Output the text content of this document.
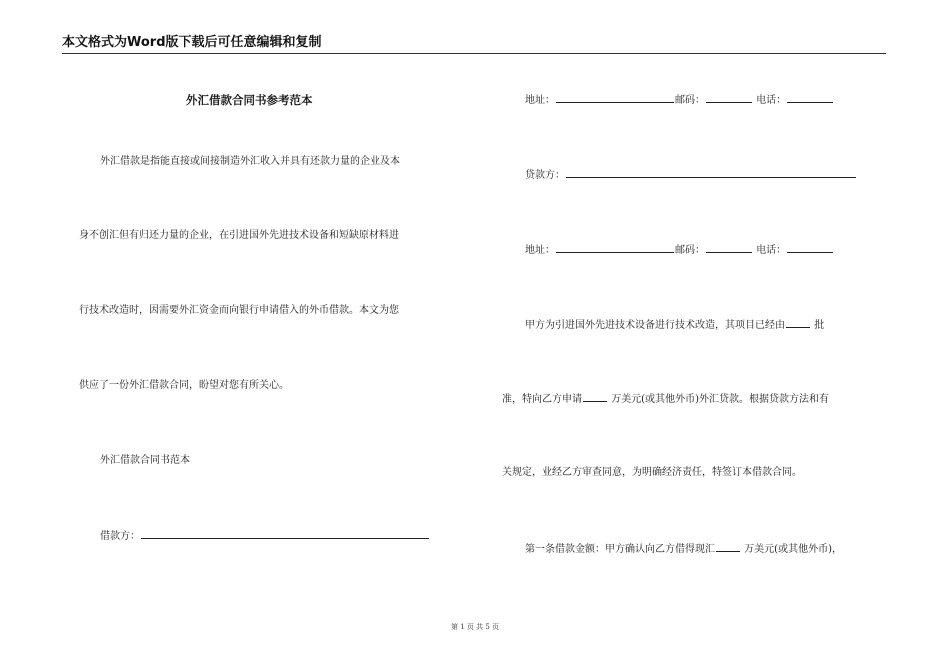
本文格式为Word版下载后可任意编辑和复制
外汇借款合同书参考范本
外汇借款是指能直接或间接制造外汇收入并具有还款力量的企业及本
身不创汇但有归还力量的企业，在引进国外先进技术设备和短缺原材料进
行技术改造时，因需要外汇资金而向银行申请借入的外币借款。本文为您
供应了一份外汇借款合同，盼望对您有所关心。
外汇借款合同书范本
借款方：
地址：	邮码：	电话：
贷款方：
地址：	邮码：	电话：
甲方为引进国外先进技术设备进行技术改造，其项目已经由	批
准，特向乙方申请	万美元(或其他外币)外汇贷款。根据贷款方法和有
关规定，业经乙方审查同意，为明确经济责任，特签订本借款合同。
第一条借款金额：甲方确认向乙方借得现汇	万美元(或其他外币)，
第 1 页 共 5 页
